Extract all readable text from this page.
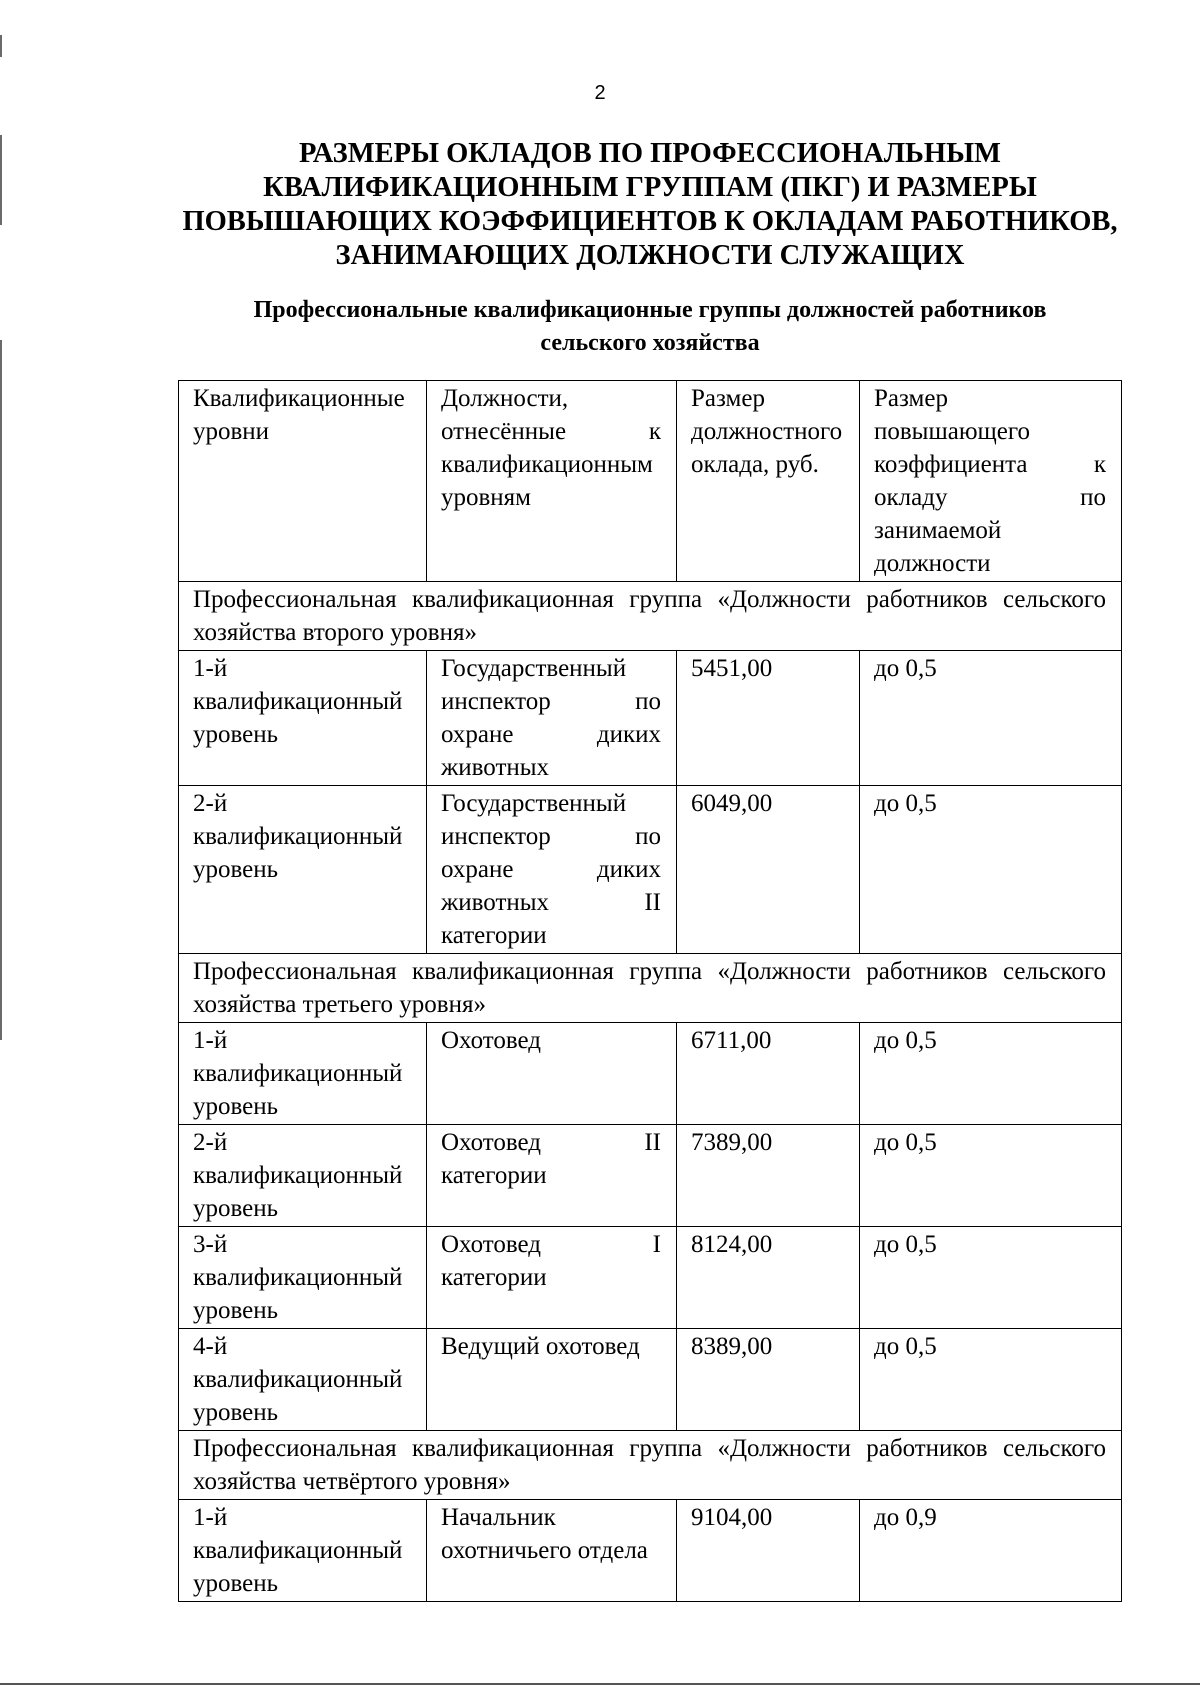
2
РАЗМЕРЫ ОКЛАДОВ ПО ПРОФЕССИОНАЛЬНЫМ
КВАЛИФИКАЦИОННЫМ ГРУППАМ (ПКГ) И РАЗМЕРЫ
ПОВЫШАЮЩИХ КОЭФФИЦИЕНТОВ К ОКЛАДАМ РАБОТНИКОВ,
ЗАНИМАЮЩИХ ДОЛЖНОСТИ СЛУЖАЩИХ
Профессиональные квалификационные группы должностей работников
сельского хозяйства
Квалификационные уровни	Должности, отнесённые к квалификационным уровням	Размер должностного оклада, руб.	Размер повышающего коэффициента к окладу по занимаемой должности
Профессиональная квалификационная группа «Должности работников сельского хозяйства второго уровня»			
1-й квалификационный уровень	Государственный инспектор по охране диких животных	5451,00	до 0,5
2-й квалификационный уровень	Государственный инспектор по охране диких животных II категории	6049,00	до 0,5
Профессиональная квалификационная группа «Должности работников сельского хозяйства третьего уровня»			
1-й квалификационный уровень	Охотовед	6711,00	до 0,5
2-й квалификационный уровень	Охотовед II категории	7389,00	до 0,5
3-й квалификационный уровень	Охотовед I категории	8124,00	до 0,5
4-й квалификационный уровень	Ведущий охотовед	8389,00	до 0,5
Профессиональная квалификационная группа «Должности работников сельского хозяйства четвёртого уровня»			
1-й квалификационный уровень	Начальник охотничьего отдела	9104,00	до 0,9
